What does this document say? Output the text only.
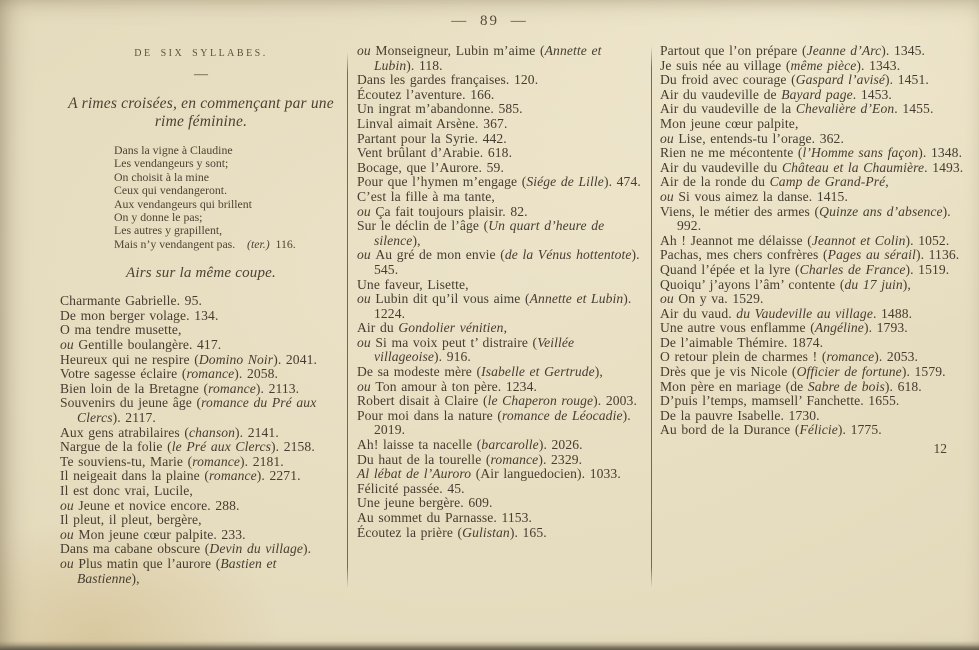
— 89 —
DE SIX SYLLABES.
—
A rimes croisées, en commençant par une rime féminine.

Dans la vigne à Claudine

Les vendangeurs y sont;

On choisit à la mine

Ceux qui vendangeront.

Aux vendangeurs qui brillent

On y donne le pas;

Les autres y grapillent,

Mais n’y vendangent pas.    (ter.)  116.

Airs sur la même coupe.

Charmante Gabrielle. 95.

De mon berger volage. 134.

O ma tendre musette,

ou Gentille boulangère. 417.

Heureux qui ne respire (Domino Noir). 2041.

Votre sagesse éclaire (romance). 2058.

Bien loin de la Bretagne (romance). 2113.

Souvenirs du jeune âge (romance du Pré aux Clercs). 2117.

Aux gens atrabilaires (chanson). 2141.

Nargue de la folie (le Pré aux Clercs). 2158.

Te souviens-tu, Marie (romance). 2181.

Il neigeait dans la plaine (romance). 2271.

Il est donc vrai, Lucile,

ou Jeune et novice encore. 288.

Il pleut, il pleut, bergère,

ou Mon jeune cœur palpite. 233.

Dans ma cabane obscure (Devin du village).

ou Plus matin que l’aurore (Bastien et Bastienne),

ou Monseigneur, Lubin m’aime (Annette et Lubin). 118.

Dans les gardes françaises. 120.

Écoutez l’aventure. 166.

Un ingrat m’abandonne. 585.

Linval aimait Arsène. 367.

Partant pour la Syrie. 442.

Vent brûlant d’Arabie. 618.

Bocage, que l’Aurore. 59.

Pour que l’hymen m’engage (Siége de Lille). 474.

C’est la fille à ma tante,

ou Ça fait toujours plaisir. 82.

Sur le déclin de l’âge (Un quart d’heure de silence),

ou Au gré de mon envie (de la Vénus hottentote). 545.

Une faveur, Lisette,

ou Lubin dit qu’il vous aime (Annette et Lubin). 1224.

Air du Gondolier vénitien,

ou Si ma voix peut t’ distraire (Veillée villageoise). 916.

De sa modeste mère (Isabelle et Gertrude),

ou Ton amour à ton père. 1234.

Robert disait à Claire (le Chaperon rouge). 2003.

Pour moi dans la nature (romance de Léocadie). 2019.

Ah! laisse ta nacelle (barcarolle). 2026.

Du haut de la tourelle (romance). 2329.

Al lébat de l’Auroro (Air languedocien). 1033.

Félicité passée. 45.

Une jeune bergère. 609.

Au sommet du Parnasse. 1153.

Écoutez la prière (Gulistan). 165.

Partout que l’on prépare (Jeanne d’Arc). 1345.

Je suis née au village (même pièce). 1343.

Du froid avec courage (Gaspard l’avisé). 1451.

Air du vaudeville de Bayard page. 1453.

Air du vaudeville de la Chevalière d’Eon. 1455.

Mon jeune cœur palpite,

ou Lise, entends-tu l’orage. 362.

Rien ne me mécontente (l’Homme sans façon). 1348.

Air du vaudeville du Château et la Chaumière. 1493.

Air de la ronde du Camp de Grand-Pré,

ou Si vous aimez la danse. 1415.

Viens, le métier des armes (Quinze ans d’absence). 992.

Ah ! Jeannot me délaisse (Jeannot et Colin). 1052.

Pachas, mes chers confrères (Pages au sérail). 1136.

Quand l’épée et la lyre (Charles de France). 1519.

Quoiqu’ j’ayons l’âm’ contente (du 17 juin),

ou On y va. 1529.

Air du vaud. du Vaudeville au village. 1488.

Une autre vous enflamme (Angéline). 1793.

De l’aimable Thémire. 1874.

O retour plein de charmes ! (romance). 2053.

Drès que je vis Nicole (Officier de fortune). 1579.

Mon père en mariage (de Sabre de bois). 618.

D’puis l’temps, mamsell’ Fanchette. 1655.

De la pauvre Isabelle. 1730.

Au bord de la Durance (Félicie). 1775.

12
